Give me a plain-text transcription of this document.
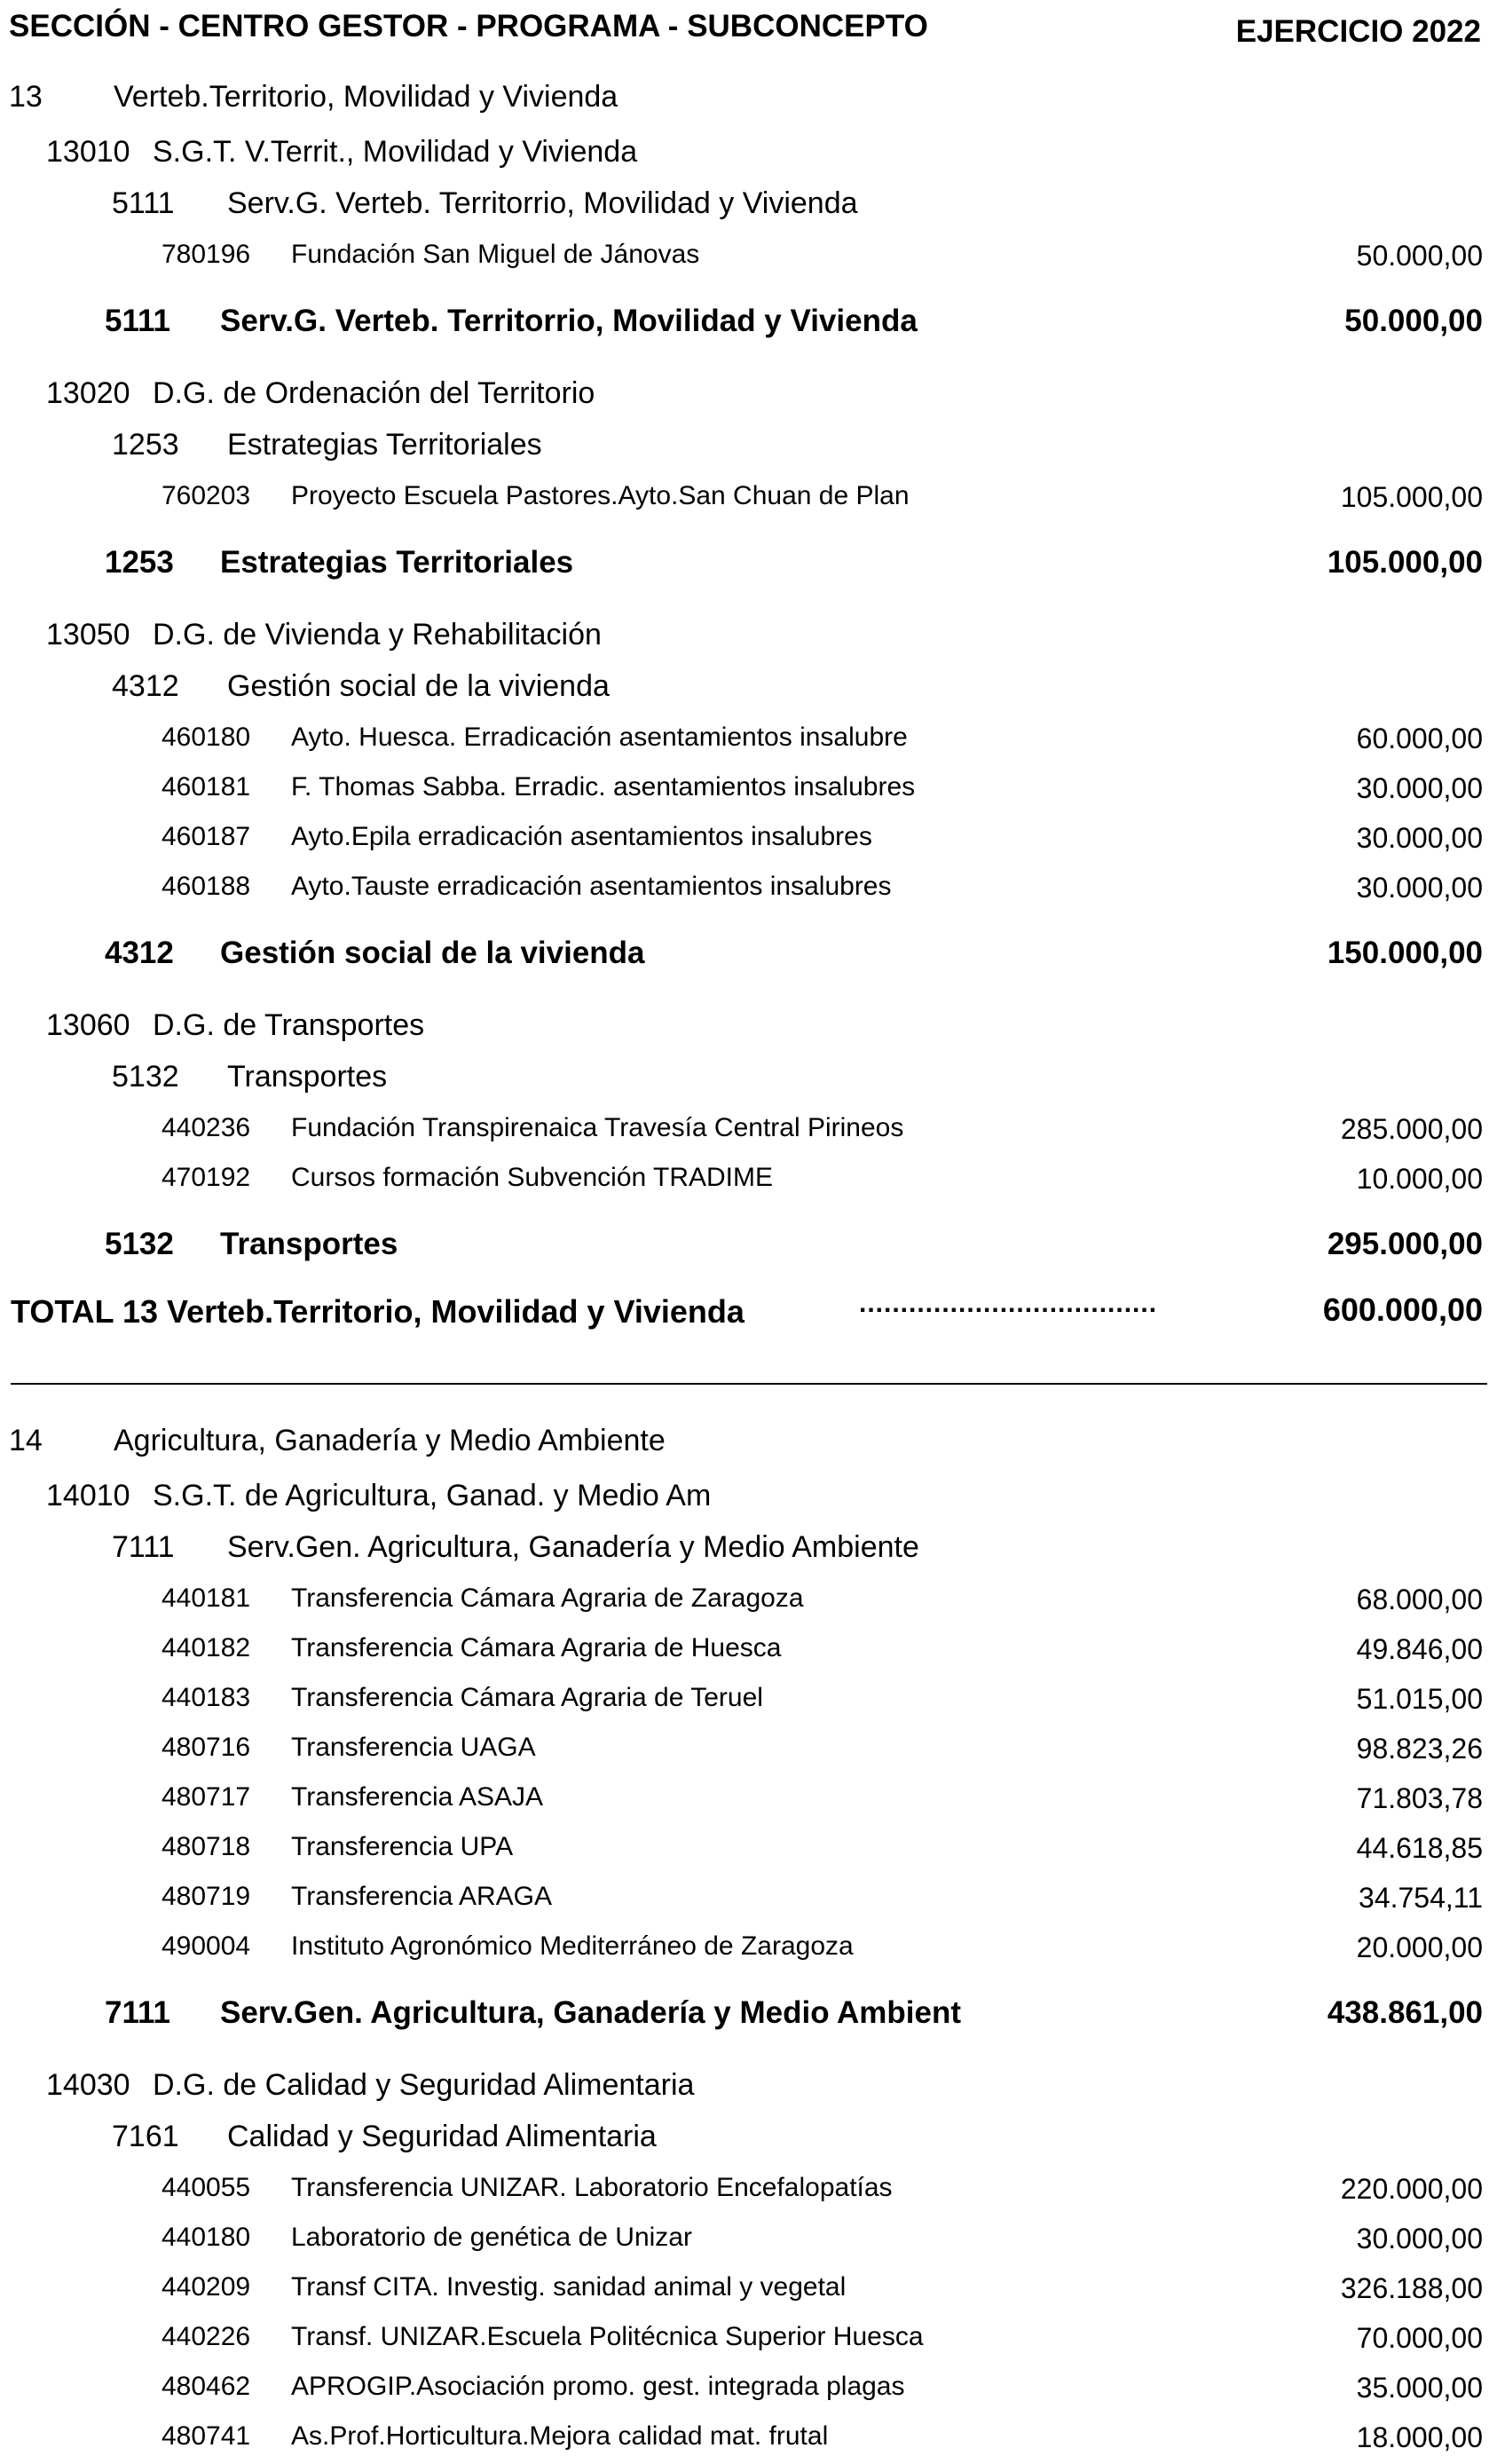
SECCIÓN - CENTRO GESTOR - PROGRAMA - SUBCONCEPTO	EJERCICIO 2022
13 Verteb.Territorio, Movilidad y Vivienda
13010 S.G.T. V.Territ., Movilidad y Vivienda
5111 Serv.G. Verteb. Territorrio, Movilidad y Vivienda
780196 Fundación San Miguel de Jánovas	50.000,00
5111 Serv.G. Verteb. Territorrio, Movilidad y Vivienda	50.000,00
13020 D.G. de Ordenación del Territorio
1253 Estrategias Territoriales
760203 Proyecto Escuela Pastores.Ayto.San Chuan de Plan	105.000,00
1253 Estrategias Territoriales	105.000,00
13050 D.G. de Vivienda y Rehabilitación
4312 Gestión social de la vivienda
460180 Ayto. Huesca. Erradicación asentamientos insalubre	60.000,00
460181 F. Thomas Sabba. Erradic. asentamientos insalubres	30.000,00
460187 Ayto.Epila erradicación asentamientos insalubres	30.000,00
460188 Ayto.Tauste erradicación asentamientos insalubres	30.000,00
4312 Gestión social de la vivienda	150.000,00
13060 D.G. de Transportes
5132 Transportes
440236 Fundación Transpirenaica Travesía Central Pirineos	285.000,00
470192 Cursos formación Subvención TRADIME	10.000,00
5132 Transportes	295.000,00
TOTAL 13 Verteb.Territorio, Movilidad y Vivienda	....................................	600.000,00
14 Agricultura, Ganadería y Medio Ambiente
14010 S.G.T. de Agricultura, Ganad. y Medio Am
7111 Serv.Gen. Agricultura, Ganadería y Medio Ambiente
440181 Transferencia Cámara Agraria de Zaragoza	68.000,00
440182 Transferencia Cámara Agraria de Huesca	49.846,00
440183 Transferencia Cámara Agraria de Teruel	51.015,00
480716 Transferencia UAGA	98.823,26
480717 Transferencia ASAJA	71.803,78
480718 Transferencia UPA	44.618,85
480719 Transferencia ARAGA	34.754,11
490004 Instituto Agronómico Mediterráneo de Zaragoza	20.000,00
7111 Serv.Gen. Agricultura, Ganadería y Medio Ambient	438.861,00
14030 D.G. de Calidad y Seguridad Alimentaria
7161 Calidad y Seguridad Alimentaria
440055 Transferencia UNIZAR. Laboratorio Encefalopatías	220.000,00
440180 Laboratorio de genética de Unizar	30.000,00
440209 Transf CITA. Investig. sanidad animal y vegetal	326.188,00
440226 Transf. UNIZAR.Escuela Politécnica Superior Huesca	70.000,00
480462 APROGIP.Asociación promo. gest. integrada plagas	35.000,00
480741 As.Prof.Horticultura.Mejora calidad mat. frutal	18.000,00
